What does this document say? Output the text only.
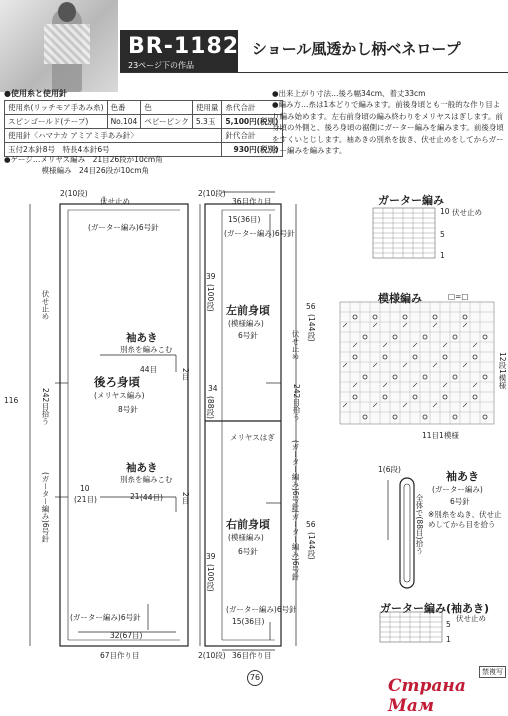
BR-11823
23ページ下の作品
ショール風透かし柄ベネロープ
●使用糸と使用針
使用糸(リッチモア手あみ糸)	色番	色	使用量	糸代合計
スピンゴールド(テープ)	No.104	ペビーピンク	5.3玉	5,100円(税別)
使用針〈ハマナカ アミアミ手あみ針〉				針代合計
玉付2本針8号　特長4本針6号				930円(税別)
●ゲージ…メリヤス編み　21目26段が10cm角
　　　　　模様編み　24目26段が10cm角
●出来上がり寸法…後ろ幅34cm、着丈33cm
●編み方…糸は1本どりで編みます。前後身頃とも一般的な作り目より編み始めます。左右前身頃の編み終わりをメリヤスはぎします。前身頃の外側と、後ろ身頃の裾側にガーター編みを編みます。前後身頃をすくいとじします。袖あきの別糸を抜き、伏せ止めをしてからガーター編みを編みます。
2(10段)
伏せ止め
(ガーター編み)6号針
伏せ止め
袖あき
別糸を編みこむ
44目	2目
後ろ身頃
(メリヤス編み)
8号針
袖あき
別糸を編みこむ
10
(21目)	21 (44目) 2目
116	242目拾う
(ガーター編み)6号針
(ガーター編み)6号針
32(67目)
67目作り目
2(10段)
36目作り目
15(36目)
(ガーター編み)6号針
左前身頃
(模様編み)
6号針
39
(100段)
34
(88段)
メリヤスはぎ
右前身頃
(模様編み)
6号針
39
(100段)
伏せ止め
56
(144段)
56
(144段)
242目拾う
(ガーター編み)6号針
(ガーター編み)6号針
(ガーター編み)6号針
15(36目)
2(10段) 36目作り目
ガーター編み
10
5
1
伏せ止め
模様編み	□=□
11目1模様
12段1模様
1(6段)
袖あき
(ガーター編み)
6号針
全体で(88目)拾う ※別糸をぬき、伏せ止めしてから目を拾う
ガーター編み(袖あき)
5
1
伏せ止め
76
禁複写
Страна Мам
